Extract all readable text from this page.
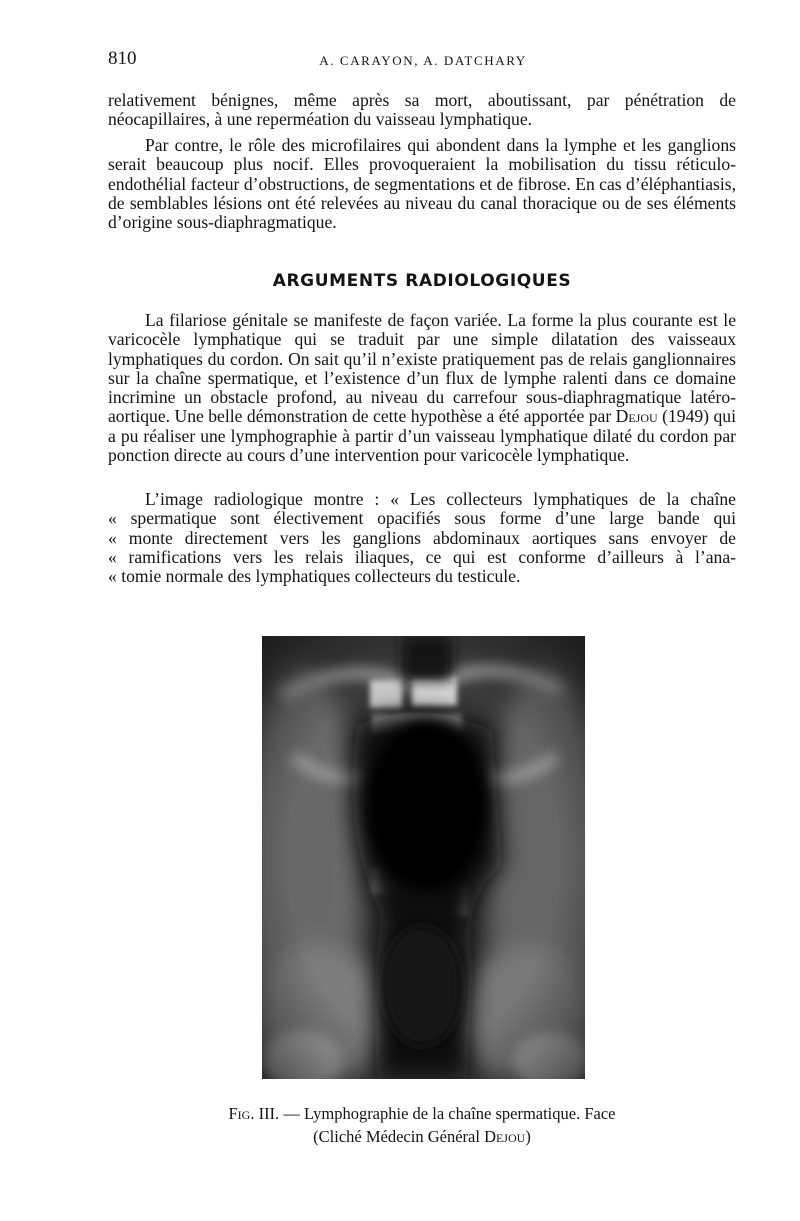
810	A. CARAYON, A. DATCHARY

relativement bénignes, même après sa mort, aboutissant, par pénétration de néocapillaires, à une reperméation du vaisseau lymphatique.

Par contre, le rôle des microfilaires qui abondent dans la lymphe et les ganglions serait beaucoup plus nocif. Elles provoqueraient la mobilisation du tissu réticulo-endothélial facteur d’obstructions, de segmentations et de fibrose. En cas d’éléphantiasis, de semblables lésions ont été relevées au niveau du canal thoracique ou de ses éléments d’origine sous-diaphragmatique.

ARGUMENTS RADIOLOGIQUES

La filariose génitale se manifeste de façon variée. La forme la plus courante est le varicocèle lymphatique qui se traduit par une simple dilatation des vaisseaux lymphatiques du cordon. On sait qu’il n’existe pratiquement pas de relais ganglionnaires sur la chaîne spermatique, et l’existence d’un flux de lymphe ralenti dans ce domaine incrimine un obstacle profond, au niveau du carrefour sous-diaphragmatique latéro-aortique. Une belle démonstration de cette hypothèse a été apportée par Dejou (1949) qui a pu réaliser une lymphographie à partir d’un vaisseau lymphatique dilaté du cordon par ponction directe au cours d’une intervention pour varicocèle lymphatique.

L’image radiologique montre : « Les collecteurs lymphatiques de la chaîne
« spermatique sont électivement opacifiés sous forme d’une large bande qui
« monte directement vers les ganglions abdominaux aortiques sans envoyer de
« ramifications vers les relais iliaques, ce qui est conforme d’ailleurs à l’ana-
« tomie normale des lymphatiques collecteurs du testicule.
Fig. III. — Lymphographie de la chaîne spermatique. Face
(Cliché Médecin Général Dejou)
